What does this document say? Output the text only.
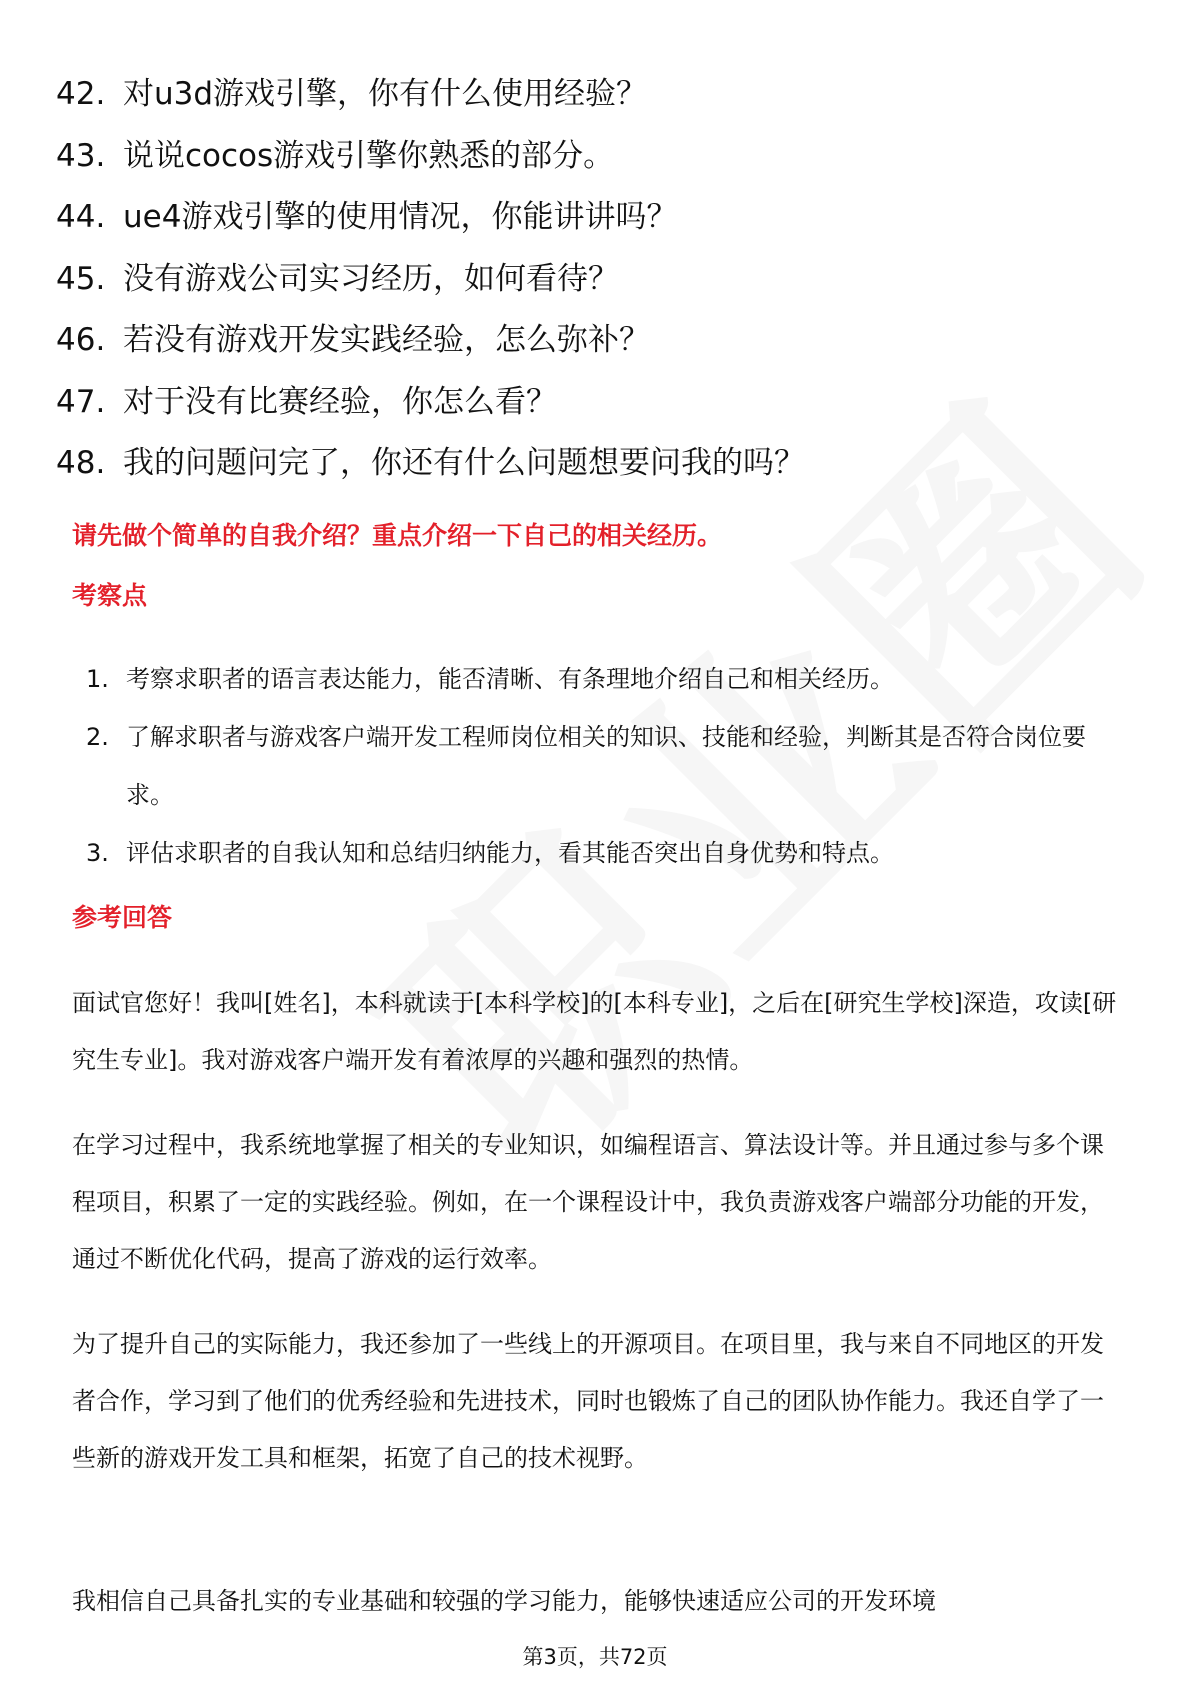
42. 对u3d游戏引擎，你有什么使用经验？
43. 说说cocos游戏引擎你熟悉的部分。
44. ue4游戏引擎的使用情况，你能讲讲吗？
45. 没有游戏公司实习经历，如何看待？
46. 若没有游戏开发实践经验，怎么弥补？
47. 对于没有比赛经验，你怎么看？
48. 我的问题问完了，你还有什么问题想要问我的吗？
请先做个简单的自我介绍？重点介绍一下自己的相关经历。
考察点
1. 考察求职者的语言表达能力，能否清晰、有条理地介绍自己和相关经历。
2. 了解求职者与游戏客户端开发工程师岗位相关的知识、技能和经验，判断其是否符合岗位要求。
3. 评估求职者的自我认知和总结归纳能力，看其能否突出自身优势和特点。
参考回答

面试官您好！我叫[姓名]，本科就读于[本科学校]的[本科专业]，之后在[研究生学校]深造，攻读[研究生专业]。我对游戏客户端开发有着浓厚的兴趣和强烈的热情。

在学习过程中，我系统地掌握了相关的专业知识，如编程语言、算法设计等。并且通过参与多个课程项目，积累了一定的实践经验。例如，在一个课程设计中，我负责游戏客户端部分功能的开发，通过不断优化代码，提高了游戏的运行效率。

为了提升自己的实际能力，我还参加了一些线上的开源项目。在项目里，我与来自不同地区的开发者合作，学习到了他们的优秀经验和先进技术，同时也锻炼了自己的团队协作能力。我还自学了一些新的游戏开发工具和框架，拓宽了自己的技术视野。

我相信自己具备扎实的专业基础和较强的学习能力，能够快速适应公司的开发环境

第3页，共72页
